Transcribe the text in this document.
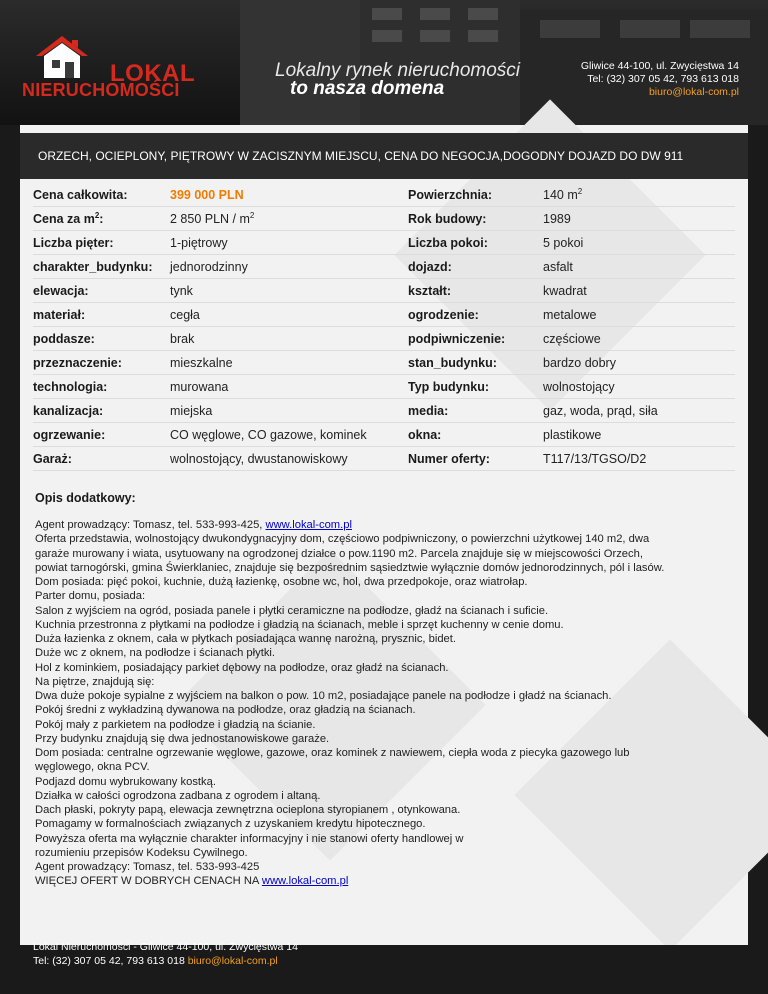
LOKAL
NIERUCHOMOŚCI
Lokalny rynek nieruchomości
to nasza domena
Gliwice 44-100, ul. Zwycięstwa 14
Tel: (32) 307 05 42, 793 613 018
biuro@lokal-com.pl
ORZECH, OCIEPLONY, PIĘTROWY W ZACISZNYM MIEJSCU, CENA DO NEGOCJA,DOGODNY DOJAZD DO DW 911
Cena całkowita:	399 000 PLN	Powierzchnia:	140 $m^2$
Cena za $m^2$:	2 850 PLN / $m^2$	Rok budowy:	1989
Liczba pięter:	1-piętrowy	Liczba pokoi:	5 pokoi
charakter_budynku:	jednorodzinny	dojazd:	asfalt
elewacja:	tynk	kształt:	kwadrat
materiał:	cegła	ogrodzenie:	metalowe
poddasze:	brak	podpiwniczenie:	częściowe
przeznaczenie:	mieszkalne	stan_budynku:	bardzo dobry
technologia:	murowana	Typ budynku:	wolnostojący
kanalizacja:	miejska	media:	gaz, woda, prąd, siła
ogrzewanie:	CO węglowe, CO gazowe, kominek	okna:	plastikowe
Garaż:	wolnostojący, dwustanowiskowy	Numer oferty:	T117/13/TGSO/D2
Opis dodatkowy:
Agent prowadzący: Tomasz, tel. 533-993-425, www.lokal-com.pl
Oferta przedstawia, wolnostojący dwukondygnacyjny dom, częściowo podpiwniczony, o powierzchni użytkowej 140 m2, dwa
garaże murowany i wiata, usytuowany na ogrodzonej działce o pow.1190 m2. Parcela znajduje się w miejscowości Orzech,
powiat tarnogórski, gmina Świerklaniec, znajduje się bezpośrednim sąsiedztwie wyłącznie domów jednorodzinnych, pól i lasów.
Dom posiada: pięć pokoi, kuchnie, dużą łazienkę, osobne wc, hol, dwa przedpokoje, oraz wiatrołap.
Parter domu, posiada:
Salon z wyjściem na ogród, posiada panele i płytki ceramiczne na podłodze, gładź na ścianach i suficie.
Kuchnia przestronna z płytkami na podłodze i gładzią na ścianach, meble i sprzęt kuchenny w cenie domu.
Duża łazienka z oknem, cała w płytkach posiadająca wannę narożną, prysznic, bidet.
Duże wc z oknem, na podłodze i ścianach płytki.
Hol z kominkiem, posiadający parkiet dębowy na podłodze, oraz gładź na ścianach.
Na piętrze, znajdują się:
Dwa duże pokoje sypialne z wyjściem na balkon o pow. 10 m2, posiadające panele na podłodze i gładź na ścianach.
Pokój średni z wykładziną dywanowa na podłodze, oraz gładzią na ścianach.
Pokój mały z parkietem na podłodze i gładzią na ścianie.
Przy budynku znajdują się dwa jednostanowiskowe garaże.
Dom posiada: centralne ogrzewanie węglowe, gazowe, oraz kominek z nawiewem, ciepła woda z piecyka gazowego lub
węglowego, okna PCV.
Podjazd domu wybrukowany kostką.
Działka w całości ogrodzona zadbana z ogrodem i altaną.
Dach płaski, pokryty papą, elewacja zewnętrzna ocieplona styropianem , otynkowana.
Pomagamy w formalnościach związanych z uzyskaniem kredytu hipotecznego.
Powyższa oferta ma wyłącznie charakter informacyjny i nie stanowi oferty handlowej w
rozumieniu przepisów Kodeksu Cywilnego.
Agent prowadzący: Tomasz, tel. 533-993-425
WIĘCEJ OFERT W DOBRYCH CENACH NA www.lokal-com.pl
Lokal Nieruchomości - Gliwice 44-100, ul. Zwycięstwa 14
Tel: (32) 307 05 42, 793 613 018 biuro@lokal-com.pl
